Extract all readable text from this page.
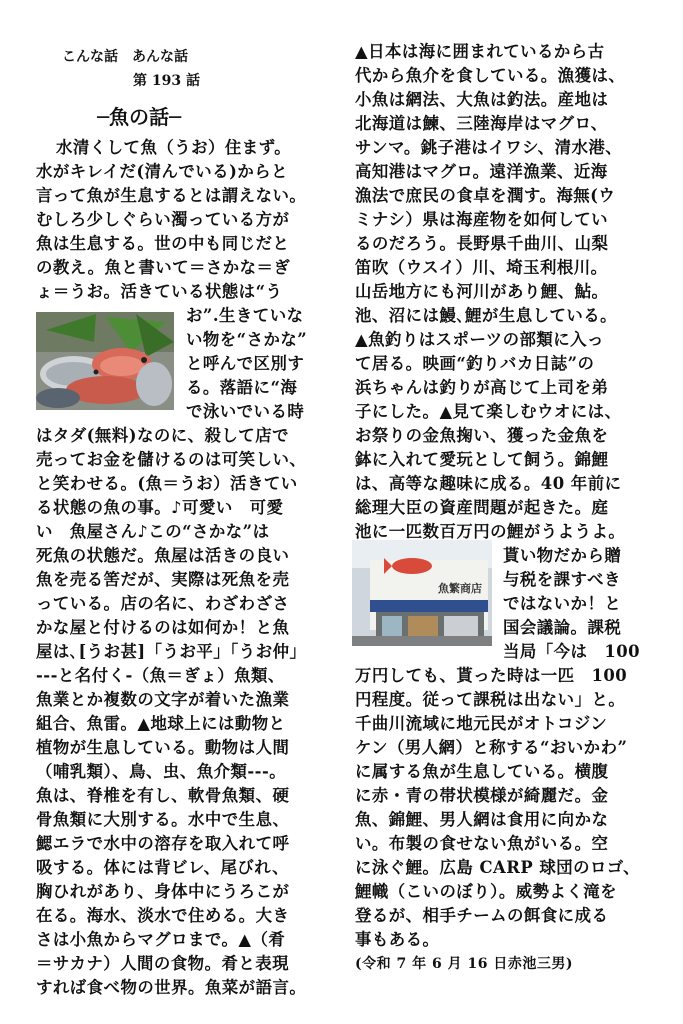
こんな話　あんな話
第 193 話
─魚の話─
魚繁商店
水清くして魚（うお）住まず。
水がキレイだ(清んでいる)からと
言って魚が生息するとは謂えない。
むしろ少しぐらい濁っている方が
魚は生息する。世の中も同じだと
の教え。魚と書いて＝さかな＝ぎ
ょ＝うお。活きている状態は“う
お”.生きていな
い物を“さかな”
と呼んで区別す
る。落語に“海
で泳いでいる時
はタダ(無料)なのに、殺して店で
売ってお金を儲けるのは可笑しい、
と笑わせる。(魚＝うお）活きてい
る状態の魚の事。♪可愛い　可愛
い　魚屋さん♪この“さかな”は
死魚の状態だ。魚屋は活きの良い
魚を売る筈だが、実際は死魚を売
っている。店の名に、わざわざさ
かな屋と付けるのは如何か！と魚
屋は､[うお甚]「うお平」「うお仲」
---と名付く-（魚＝ぎょ）魚類、
魚業とか複数の文字が着いた漁業
組合、魚雷。▲地球上には動物と
植物が生息している。動物は人間
（哺乳類）、鳥、虫、魚介類---。
魚は、脊椎を有し、軟骨魚類、硬
骨魚類に大別する。水中で生息、
鰓エラで水中の溶存を取入れて呼
吸する。体には背ビレ、尾びれ、
胸ひれがあり、身体中にうろこが
在る。海水、淡水で住める。大き
さは小魚からマグロまで。▲（肴
＝サカナ）人間の食物。肴と表現
すれば食べ物の世界。魚菜が語言。
▲日本は海に囲まれているから古
代から魚介を食している。漁獲は、
小魚は網法、大魚は釣法。産地は
北海道は鰊、三陸海岸はマグロ、
サンマ。銚子港はイワシ、清水港、
高知港はマグロ。遠洋漁業、近海
漁法で庶民の食卓を潤す。海無(ウ
ミナシ）県は海産物を如何してい
るのだろう。長野県千曲川、山梨
笛吹（ウスイ）川、埼玉利根川。
山岳地方にも河川があり鯉、鮎。
池、沼には鰻､鯉が生息している。
▲魚釣りはスポーツの部類に入っ
て居る。映画“釣りバカ日誌”の
浜ちゃんは釣りが高じて上司を弟
子にした。▲見て楽しむウオには、
お祭りの金魚掬い、獲った金魚を
鉢に入れて愛玩として飼う。錦鯉
は、高等な趣味に成る。40 年前に
総理大臣の資産問題が起きた。庭
池に一匹数百万円の鯉がうようよ。
貰い物だから贈
与税を課すべき
ではないか！と
国会議論。課税
当局「今は　100
万円しても、貰った時は一匹　100
円程度。従って課税は出ない」と。
千曲川流域に地元民がオトコジン
ケン（男人網）と称する“おいかわ”
に属する魚が生息している。横腹
に赤・青の帯状模様が綺麗だ。金
魚、錦鯉、男人網は食用に向かな
い。布製の食せない魚がいる。空
に泳ぐ鯉。広島 CARP 球団のロゴ、
鯉幟（こいのぼり）。威勢よく滝を
登るが、相手チームの餌食に成る
事もある。
(令和 7 年 6 月 16 日赤池三男)
